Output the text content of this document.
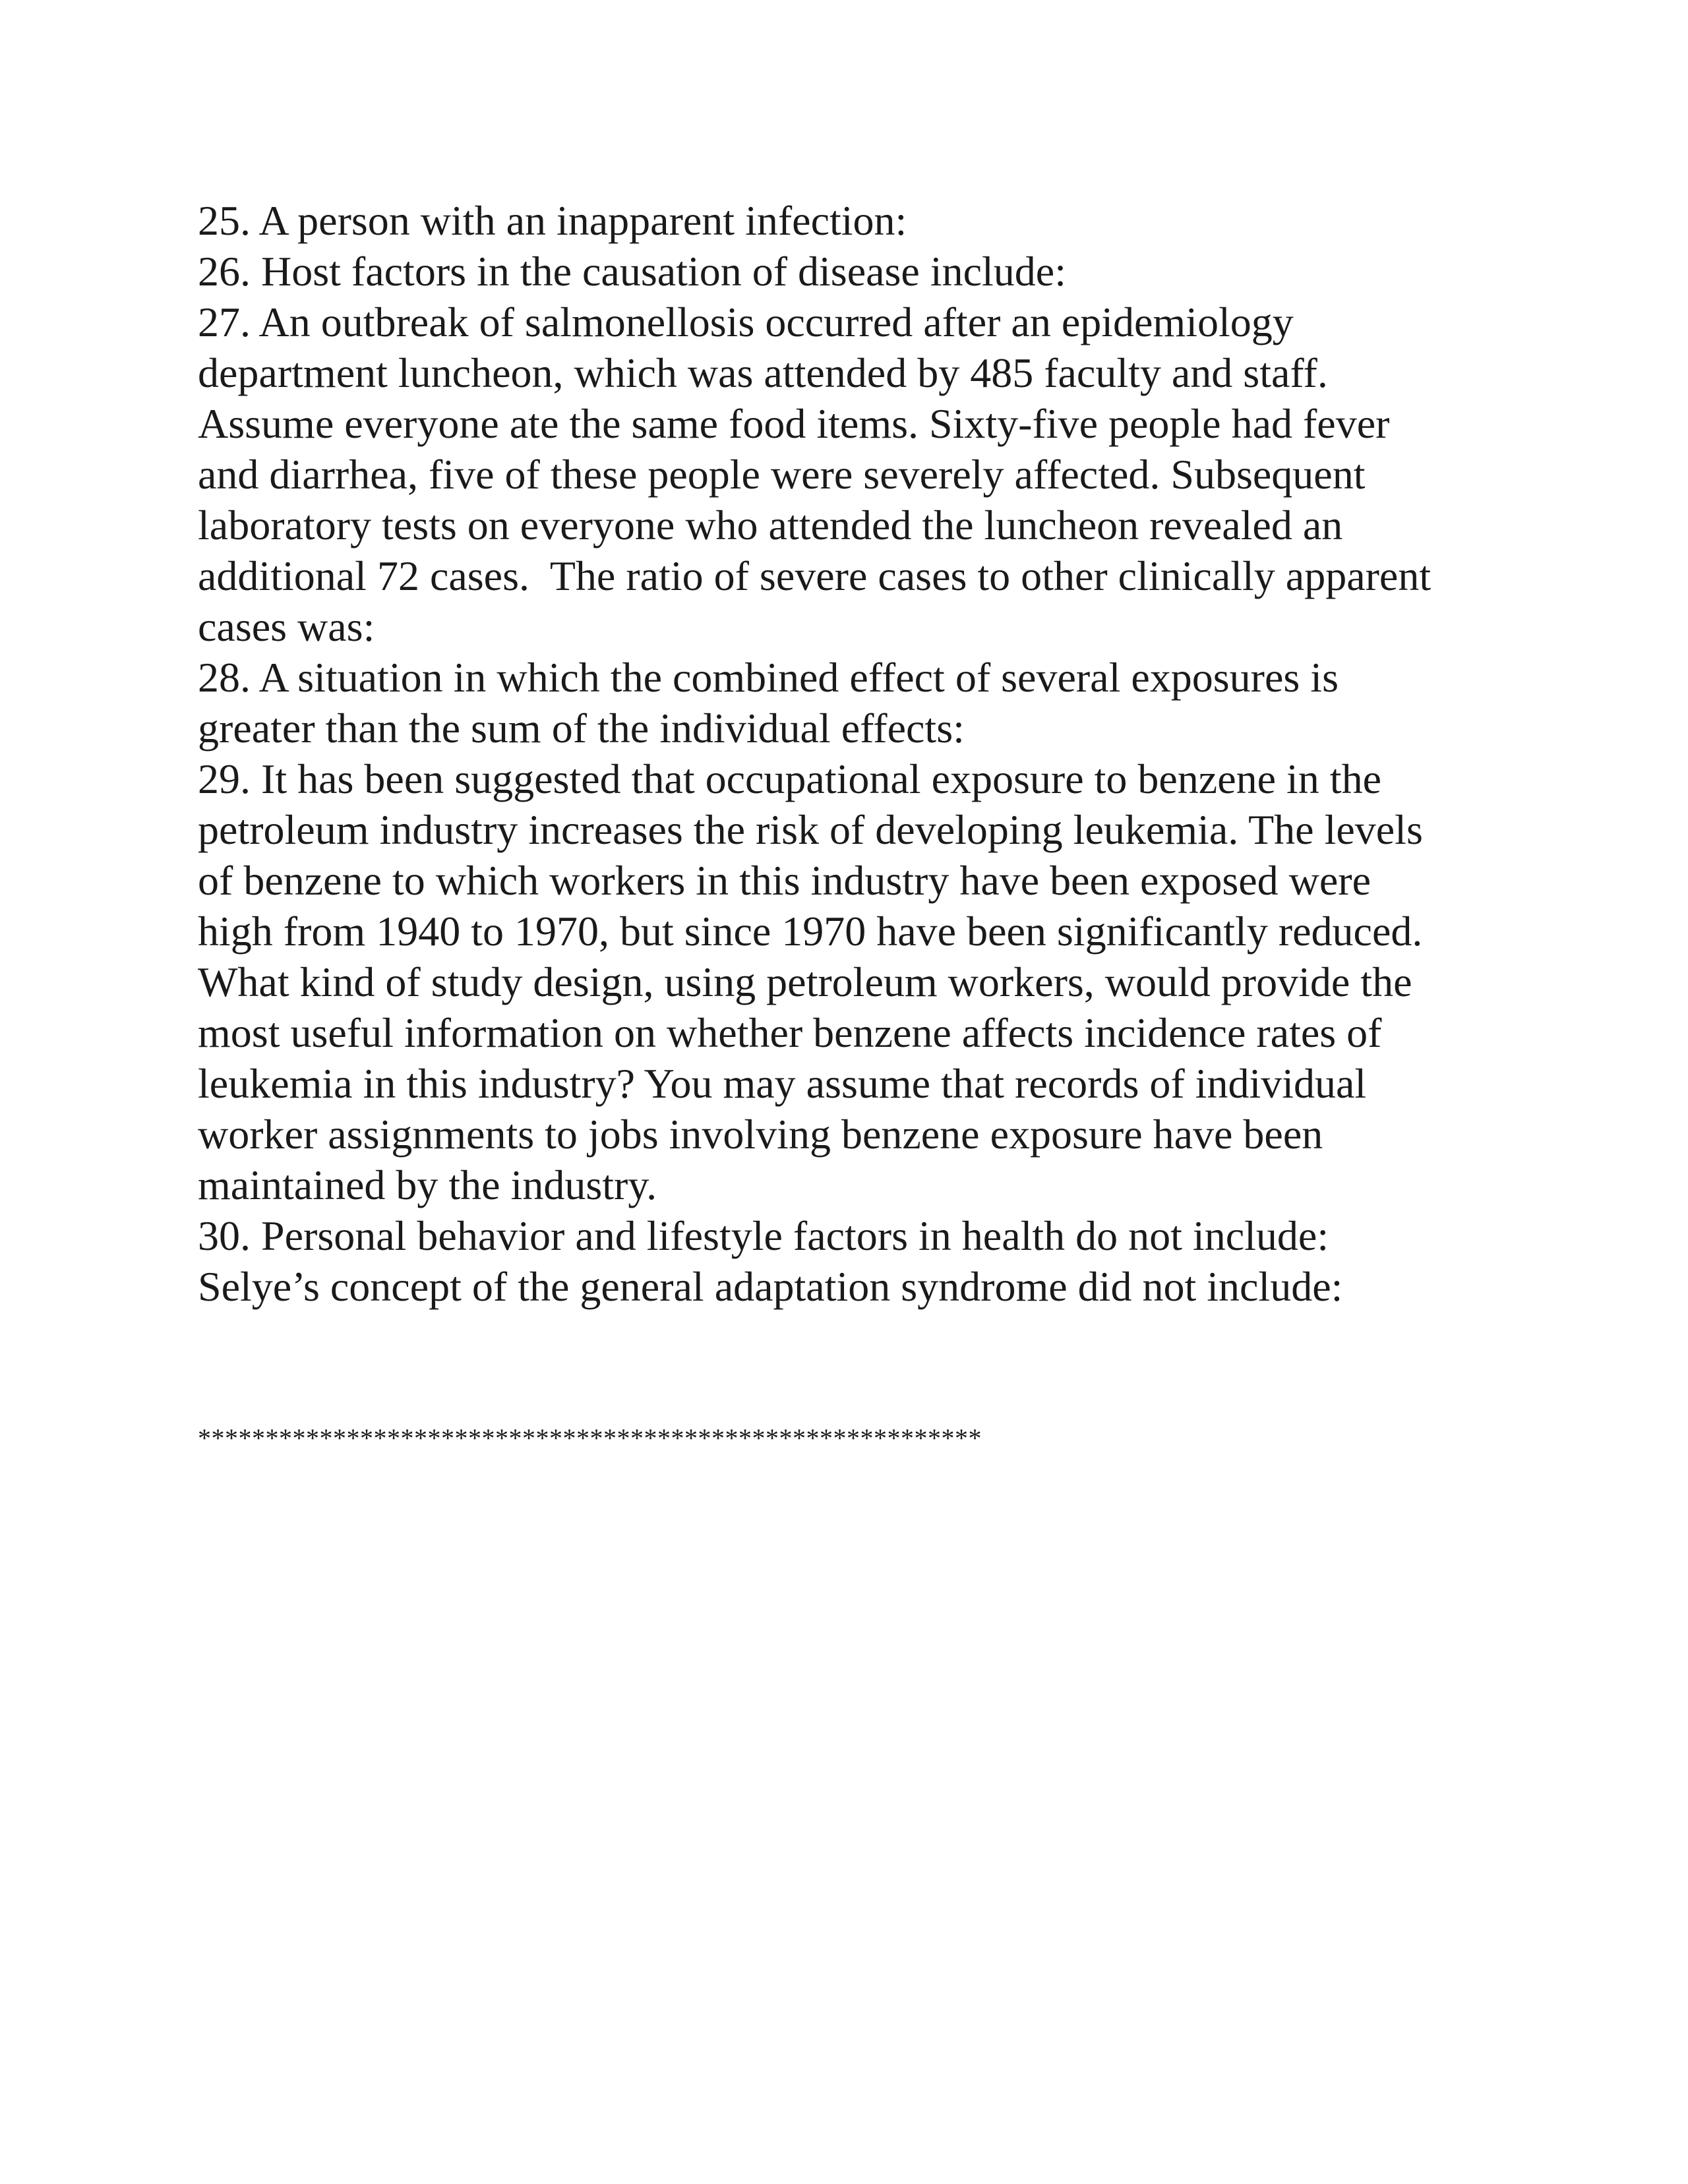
25. A person with an inapparent infection:
26. Host factors in the causation of disease include:
27. An outbreak of salmonellosis occurred after an epidemiology
department luncheon, which was attended by 485 faculty and staff.
Assume everyone ate the same food items. Sixty-five people had fever
and diarrhea, five of these people were severely affected. Subsequent
laboratory tests on everyone who attended the luncheon revealed an
additional 72 cases.  The ratio of severe cases to other clinically apparent
cases was:
28. A situation in which the combined effect of several exposures is
greater than the sum of the individual effects:
29. It has been suggested that occupational exposure to benzene in the
petroleum industry increases the risk of developing leukemia. The levels
of benzene to which workers in this industry have been exposed were
high from 1940 to 1970, but since 1970 have been significantly reduced.
What kind of study design, using petroleum workers, would provide the
most useful information on whether benzene affects incidence rates of
leukemia in this industry? You may assume that records of individual
worker assignments to jobs involving benzene exposure have been
maintained by the industry.
30. Personal behavior and lifestyle factors in health do not include:
Selye’s concept of the general adaptation syndrome did not include:
**********************************************************
